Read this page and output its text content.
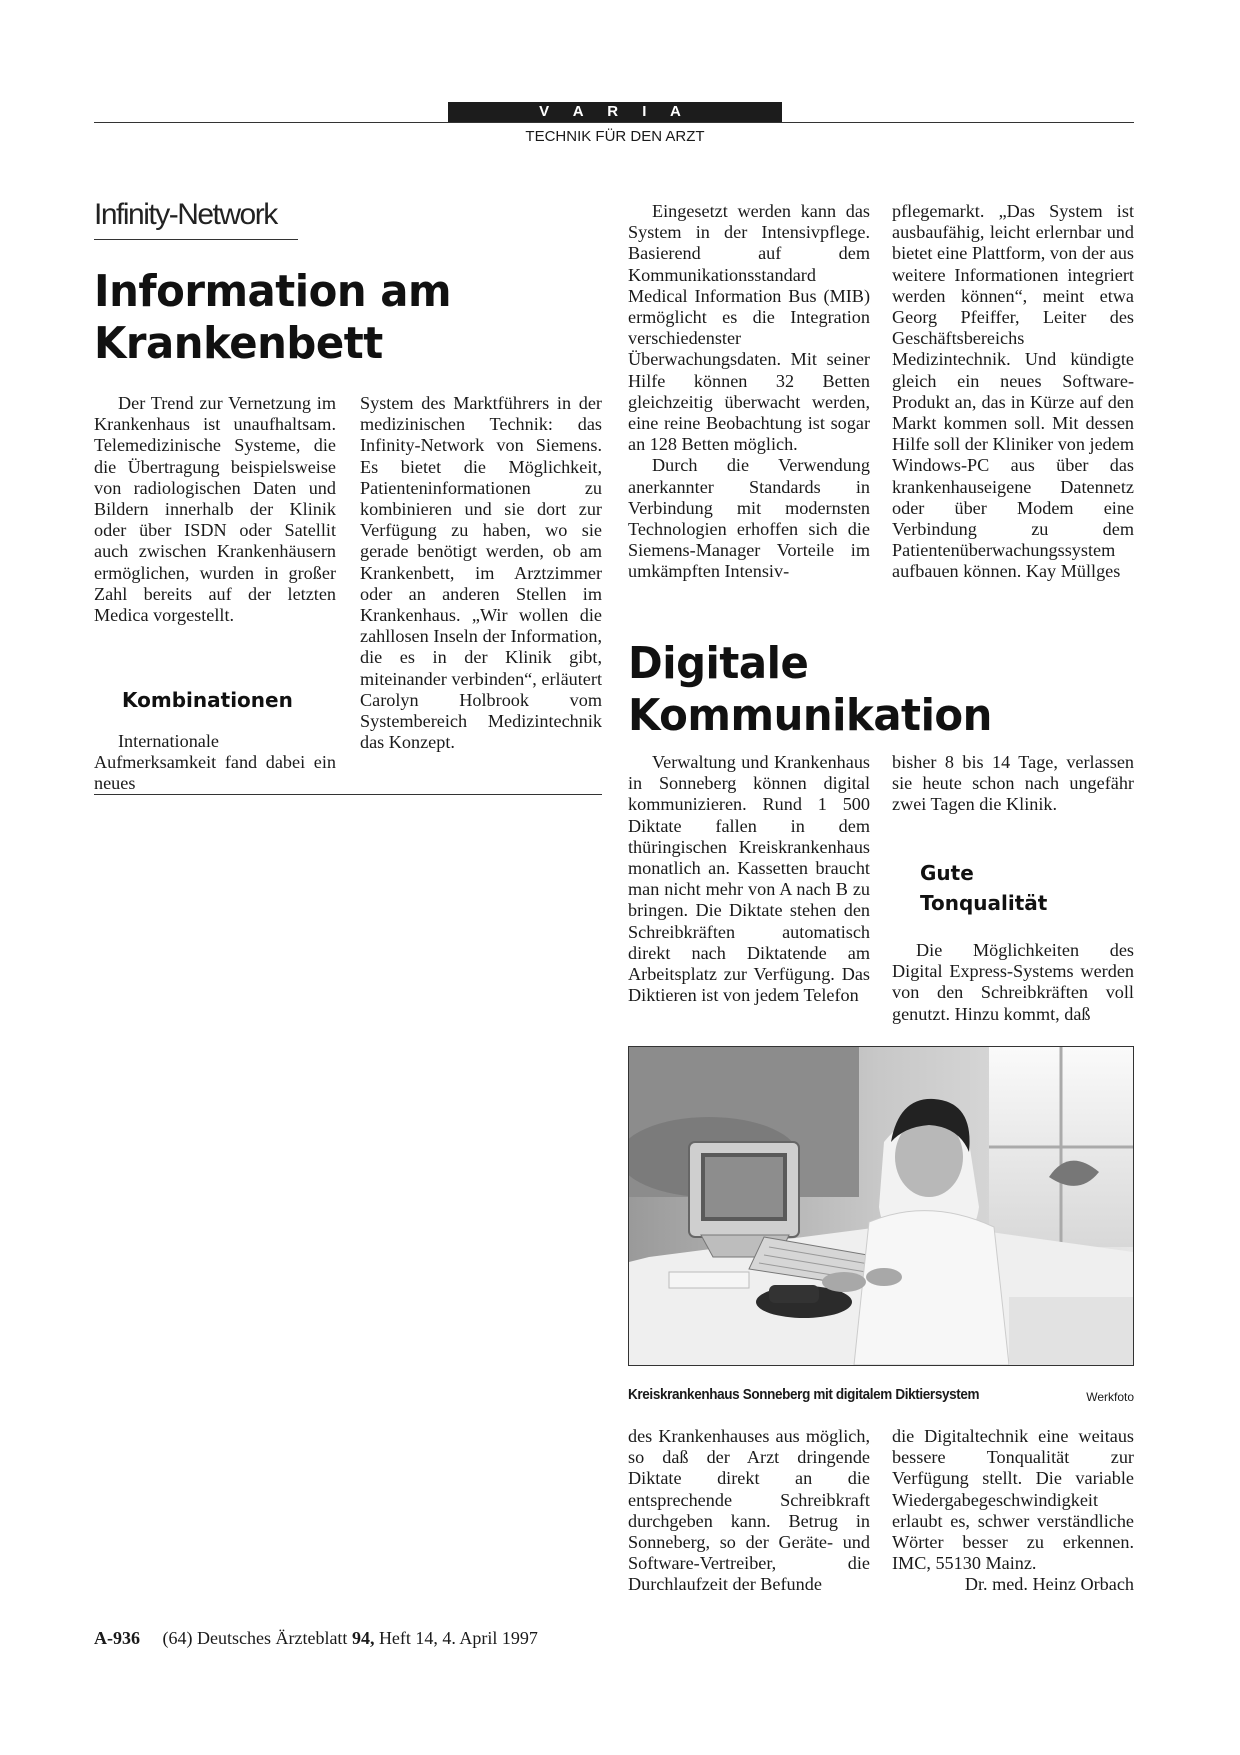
V A R I A
TECHNIK FÜR DEN ARZT
Infinity-Network
Information am
Krankenbett

Der Trend zur Vernetzung im Krankenhaus ist unaufhaltsam. Telemedizinische Systeme, die die Übertragung beispielsweise von radiologischen Daten und Bildern innerhalb der Klinik oder über ISDN oder Satellit auch zwischen Krankenhäusern ermöglichen, wurden in großer Zahl bereits auf der letzten Medica vorgestellt.

Kombinationen

Internationale Aufmerksamkeit fand dabei ein neues

System des Marktführers in der medizinischen Technik: das Infinity-Network von Siemens. Es bietet die Möglichkeit, Patienteninformationen zu kombinieren und sie dort zur Verfügung zu haben, wo sie gerade benötigt werden, ob am Krankenbett, im Arztzimmer oder an anderen Stellen im Krankenhaus. „Wir wollen die zahllosen Inseln der Information, die es in der Klinik gibt, miteinander verbinden“, erläutert Carolyn Holbrook vom Systembereich Medizintechnik das Konzept.

Eingesetzt werden kann das System in der Intensivpflege. Basierend auf dem Kommunikationsstandard Medical Information Bus (MIB) ermöglicht es die Integration verschiedenster Überwachungsdaten. Mit seiner Hilfe können 32 Betten gleichzeitig überwacht werden, eine reine Beobachtung ist sogar an 128 Betten möglich.

Durch die Verwendung anerkannter Standards in Verbindung mit modernsten Technologien erhoffen sich die Siemens-Manager Vorteile im umkämpften Intensiv-

pflegemarkt. „Das System ist ausbaufähig, leicht erlernbar und bietet eine Plattform, von der aus weitere Informationen integriert werden können“, meint etwa Georg Pfeiffer, Leiter des Geschäftsbereichs Medizintechnik. Und kündigte gleich ein neues Software-Produkt an, das in Kürze auf den Markt kommen soll. Mit dessen Hilfe soll der Kliniker von jedem Windows-PC aus über das krankenhauseigene Datennetz oder über Modem eine Verbindung zu dem Patientenüberwachungssystem aufbauen können. Kay Müllges

Digitale
Kommunikation

Verwaltung und Krankenhaus in Sonneberg können digital kommunizieren. Rund 1 500 Diktate fallen in dem thüringischen Kreiskrankenhaus monatlich an. Kassetten braucht man nicht mehr von A nach B zu bringen. Die Diktate stehen den Schreibkräften automatisch direkt nach Diktatende am Arbeitsplatz zur Verfügung. Das Diktieren ist von jedem Telefon

bisher 8 bis 14 Tage, verlassen sie heute schon nach ungefähr zwei Tagen die Klinik.

Gute
Tonqualität

Die Möglichkeiten des Digital Express-Systems werden von den Schreibkräften voll genutzt. Hinzu kommt, daß

Kreiskrankenhaus Sonneberg mit digitalem Diktiersystem	Werkfoto

des Krankenhauses aus möglich, so daß der Arzt dringende Diktate direkt an die entsprechende Schreibkraft durchgeben kann. Betrug in Sonneberg, so der Geräte- und Software-Vertreiber, die Durchlaufzeit der Befunde

die Digitaltechnik eine weitaus bessere Tonqualität zur Verfügung stellt. Die variable Wiedergabegeschwindigkeit erlaubt es, schwer verständliche Wörter besser zu erkennen. IMC, 55130 Mainz.

Dr. med. Heinz Orbach
A-936 (64) Deutsches Ärzteblatt 94, Heft 14, 4. April 1997
